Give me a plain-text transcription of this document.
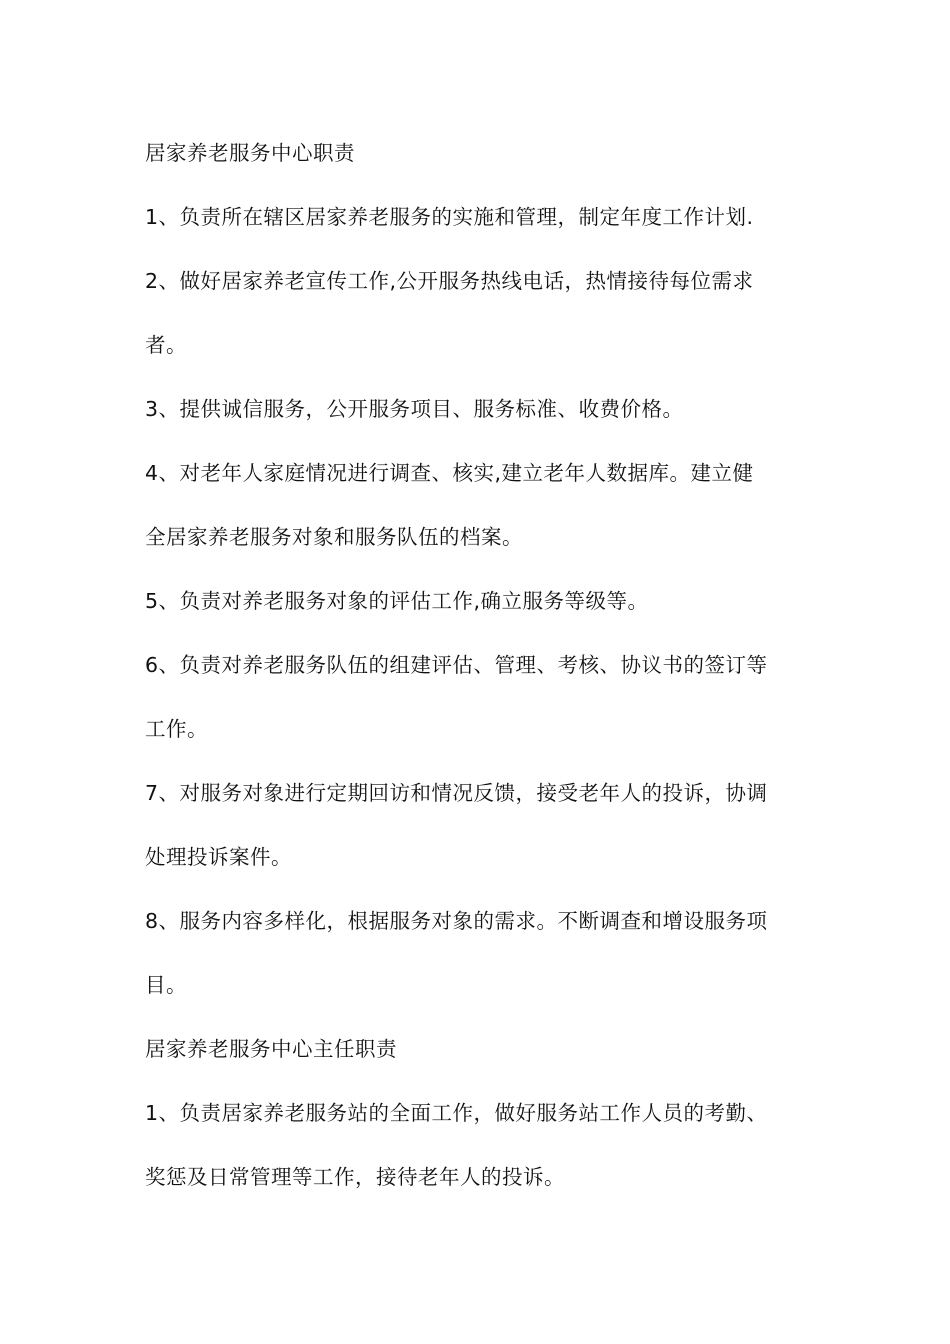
居家养老服务中心职责
1、负责所在辖区居家养老服务的实施和管理，制定年度工作计划.
2、做好居家养老宣传工作,公开服务热线电话，热情接待每位需求
者。
3、提供诚信服务，公开服务项目、服务标准、收费价格。
4、对老年人家庭情况进行调查、核实,建立老年人数据库。建立健
全居家养老服务对象和服务队伍的档案。
5、负责对养老服务对象的评估工作,确立服务等级等。
6、负责对养老服务队伍的组建评估、管理、考核、协议书的签订等
工作。
7、对服务对象进行定期回访和情况反馈，接受老年人的投诉，协调
处理投诉案件。
8、服务内容多样化，根据服务对象的需求。不断调查和增设服务项
目。
居家养老服务中心主任职责
1、负责居家养老服务站的全面工作，做好服务站工作人员的考勤、
奖惩及日常管理等工作，接待老年人的投诉。
